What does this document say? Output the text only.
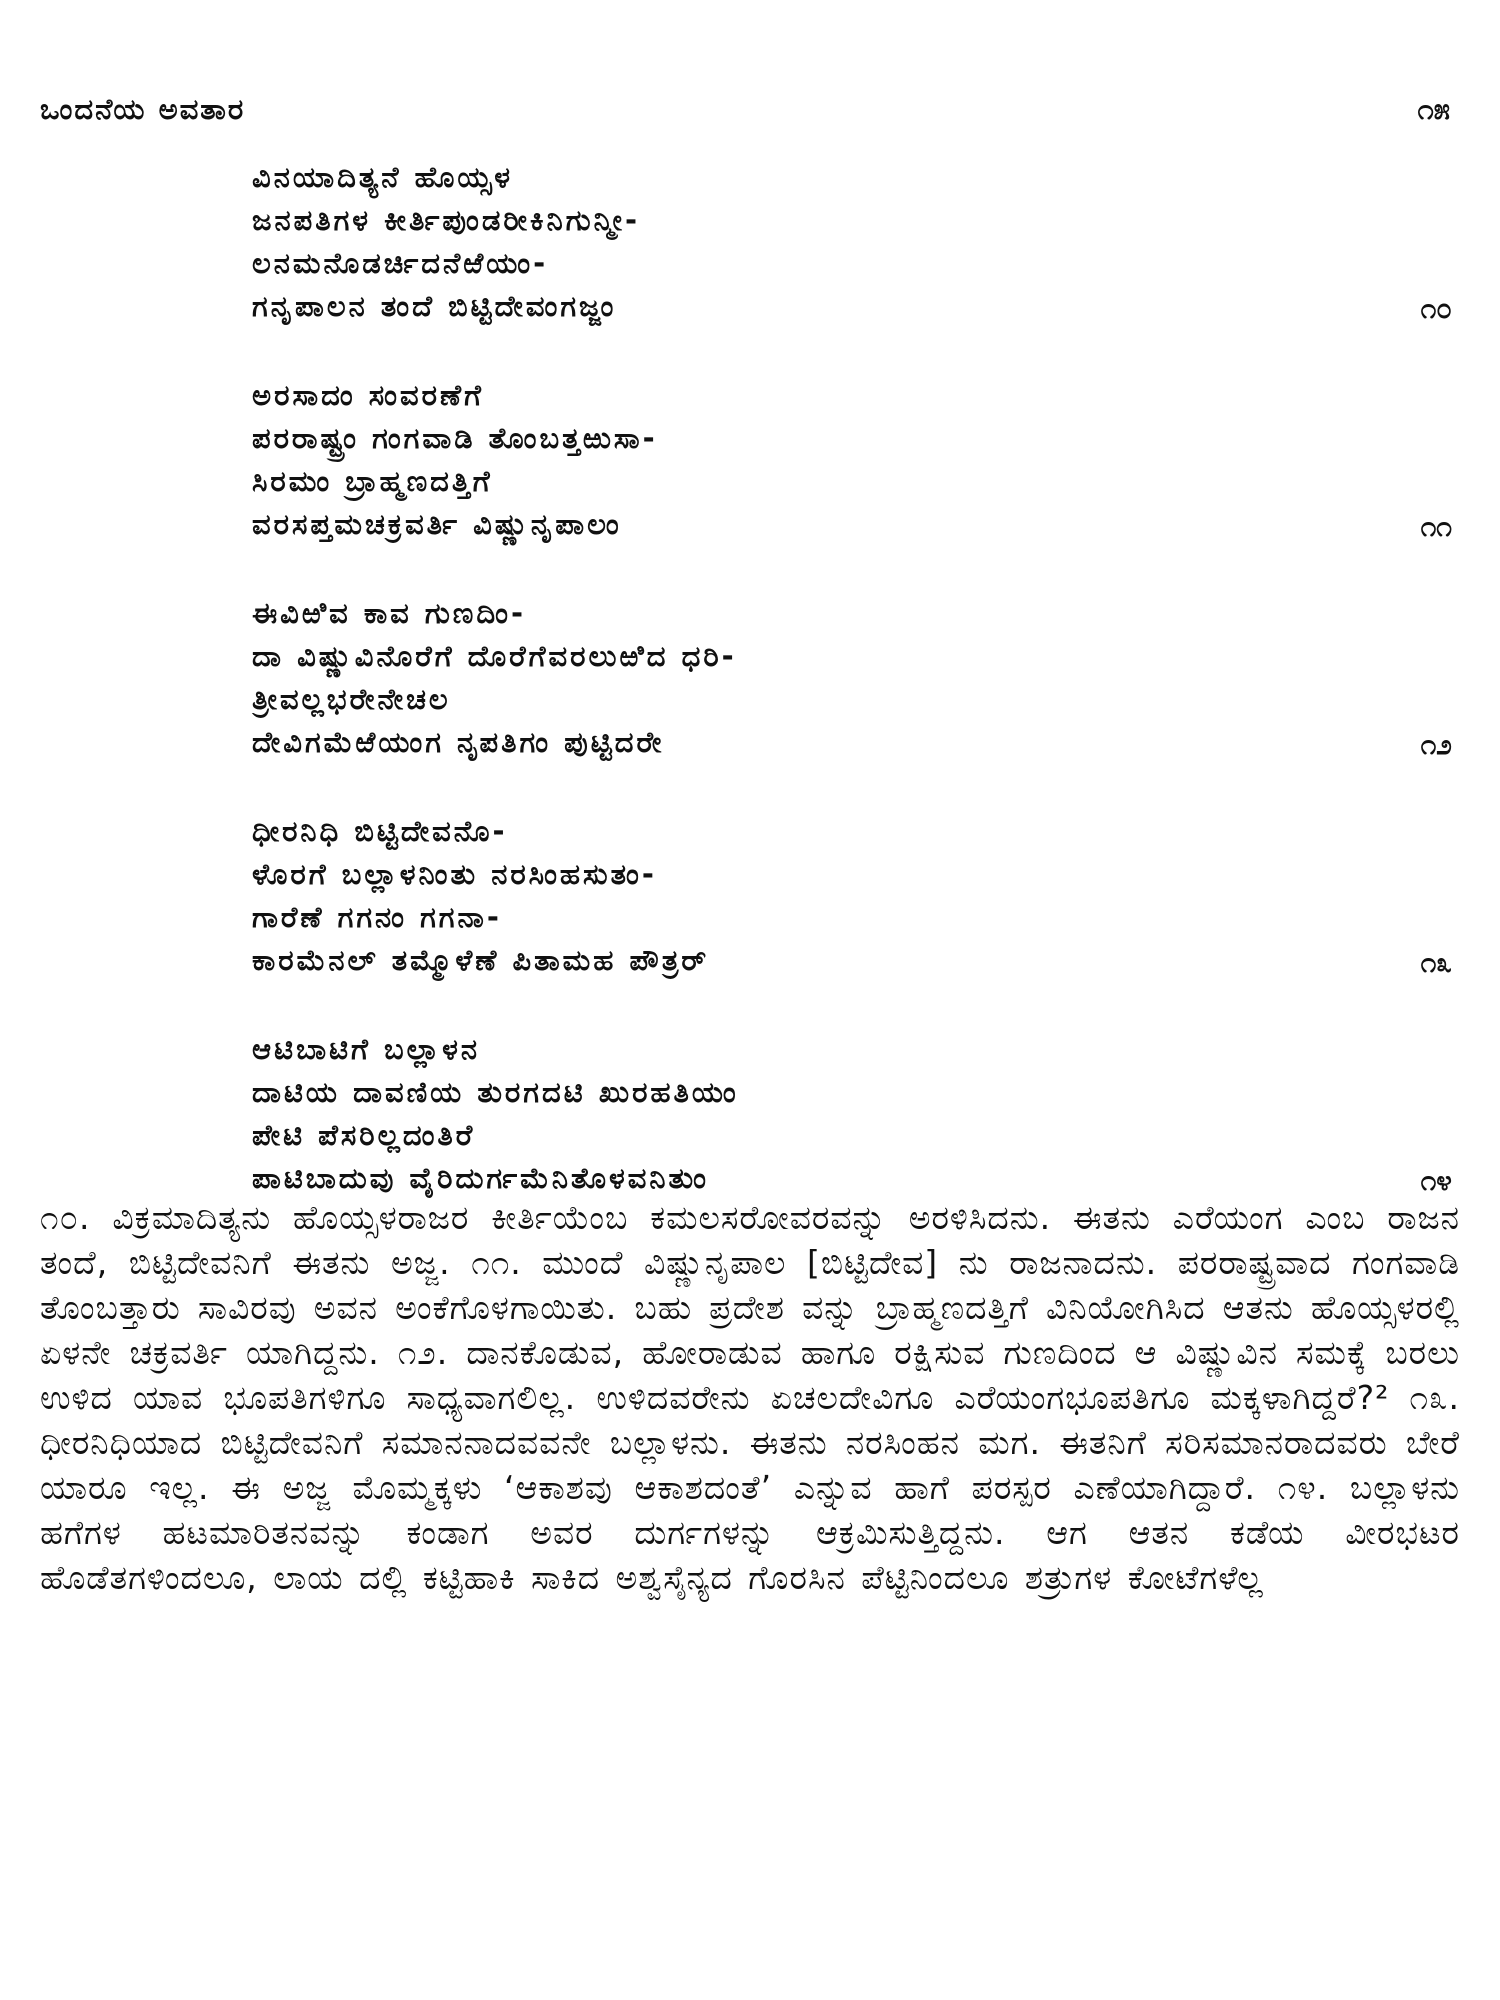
ಒಂದನೆಯ ಅವತಾರ	೧೫
ವಿನಯಾದಿತ್ಯನೆ ಹೊಯ್ಸಳ
ಜನಪತಿಗಳ ಕೀರ್ತಿಪುಂಡರೀಕಿನಿಗುನ್ಮೀ-
ಲನಮನೊಡರ್ಚಿದನೆಱೆಯಂ-
ಗನೃಪಾಲನ ತಂದೆ ಬಿಟ್ಟಿದೇವಂಗಜ್ಜಂ	೧೦
ಅರಸಾದಂ ಸಂವರಣೆಗೆ
ಪರರಾಷ್ಟ್ರಂ ಗಂಗವಾಡಿ ತೊಂಬತ್ತಱುಸಾ-
ಸಿರಮಂ ಬ್ರಾಹ್ಮಣದತ್ತಿಗೆ
ವರಸಪ್ತಮಚಕ್ರವರ್ತಿ ವಿಷ್ಣುನೃಪಾಲಂ	೧೧
ಈವಿಱಿವ ಕಾವ ಗುಣದಿಂ-
ದಾ ವಿಷ್ಣುವಿನೊರೆಗೆ ದೊರೆಗೆವರಲುಱಿದ ಧರಿ-
ತ್ರೀವಲ್ಲಭರೇನೇಚಲ
ದೇವಿಗಮೆಱೆಯಂಗ ನೃಪತಿಗಂ ಪುಟ್ಟಿದರೇ	೧೨
ಧೀರನಿಧಿ ಬಿಟ್ಟಿದೇವನೊ-
ಳೊರಗೆ ಬಲ್ಲಾಳನಿಂತು ನರಸಿಂಹಸುತಂ-
ಗಾರೆಣೆ ಗಗನಂ ಗಗನಾ-
ಕಾರಮೆನಲ್ ತಮ್ಮೊಳೆಣೆ ಪಿತಾಮಹ ಪೌತ್ರರ್	೧೩
ಆಟಿಬಾಟಿಗೆ ಬಲ್ಲಾಳನ
ದಾಟಿಯ ದಾವಣಿಯ ತುರಗದಟಿ ಖುರಹತಿಯಂ
ಪೇಟಿ ಪೆಸರಿಲ್ಲದಂತಿರೆ
ಪಾಟಿಬಾದುವು ವೈರಿದುರ್ಗಮೆನಿತೊಳವನಿತುಂ	೧೪

೧೦. ವಿಕ್ರಮಾದಿತ್ಯನು ಹೊಯ್ಸಳರಾಜರ ಕೀರ್ತಿಯೆಂಬ ಕಮಲಸರೋವರವನ್ನು ಅರಳಿಸಿದನು. ಈತನು ಎರೆಯಂಗ ಎಂಬ ರಾಜನ ತಂದೆ, ಬಿಟ್ಟಿದೇವನಿಗೆ ಈತನು ಅಜ್ಜ. ೧೧. ಮುಂದೆ ವಿಷ್ಣುನೃಪಾಲ [ಬಿಟ್ಟಿದೇವ] ನು ರಾಜನಾದನು. ಪರರಾಷ್ಟ್ರವಾದ ಗಂಗವಾಡಿ ತೊಂಬತ್ತಾರು ಸಾವಿರವು ಅವನ ಅಂಕೆಗೊಳಗಾಯಿತು. ಬಹು ಪ್ರದೇಶ ವನ್ನು ಬ್ರಾಹ್ಮಣದತ್ತಿಗೆ ವಿನಿಯೋಗಿಸಿದ ಆತನು ಹೊಯ್ಸಳರಲ್ಲಿ ಏಳನೇ ಚಕ್ರವರ್ತಿ ಯಾಗಿದ್ದನು. ೧೨. ದಾನಕೊಡುವ, ಹೋರಾಡುವ ಹಾಗೂ ರಕ್ಷಿಸುವ ಗುಣದಿಂದ ಆ ವಿಷ್ಣುವಿನ ಸಮಕ್ಕೆ ಬರಲು ಉಳಿದ ಯಾವ ಭೂಪತಿಗಳಿಗೂ ಸಾಧ್ಯವಾಗಲಿಲ್ಲ. ಉಳಿದವರೇನು ಏಚಲದೇವಿಗೂ ಎರೆಯಂಗಭೂಪತಿಗೂ ಮಕ್ಕಳಾಗಿದ್ದರೆ?² ೧೩. ಧೀರನಿಧಿಯಾದ ಬಿಟ್ಟಿದೇವನಿಗೆ ಸಮಾನನಾದವವನೇ ಬಲ್ಲಾಳನು. ಈತನು ನರಸಿಂಹನ ಮಗ. ಈತನಿಗೆ ಸರಿಸಮಾನರಾದವರು ಬೇರೆ ಯಾರೂ ಇಲ್ಲ. ಈ ಅಜ್ಜ ಮೊಮ್ಮಕ್ಕಳು ‘ಆಕಾಶವು ಆಕಾಶದಂತೆ’ ಎನ್ನುವ ಹಾಗೆ ಪರಸ್ಪರ ಎಣೆಯಾಗಿದ್ದಾರೆ. ೧೪. ಬಲ್ಲಾಳನು ಹಗೆಗಳ ಹಟಮಾರಿತನವನ್ನು ಕಂಡಾಗ ಅವರ ದುರ್ಗಗಳನ್ನು ಆಕ್ರಮಿಸುತ್ತಿದ್ದನು. ಆಗ ಆತನ ಕಡೆಯ ವೀರಭಟರ ಹೊಡೆತಗಳಿಂದಲೂ, ಲಾಯ ದಲ್ಲಿ ಕಟ್ಟಿಹಾಕಿ ಸಾಕಿದ ಅಶ್ವಸೈನ್ಯದ ಗೊರಸಿನ ಪೆಟ್ಟಿನಿಂದಲೂ ಶತ್ರುಗಳ ಕೋಟೆಗಳೆಲ್ಲ
